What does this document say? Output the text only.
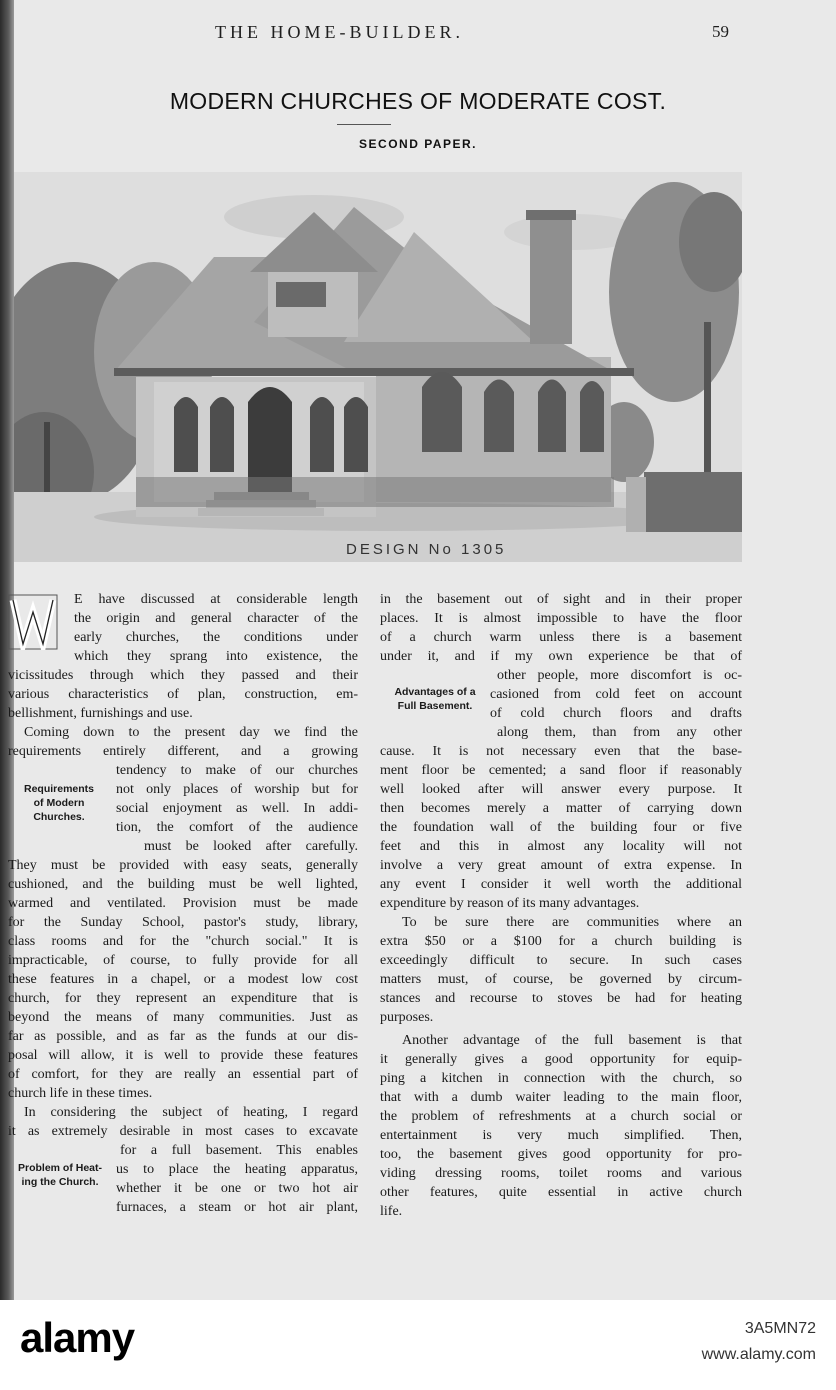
THE HOME-BUILDER.	59
MODERN CHURCHES OF MODERATE COST.
SECOND PAPER.
DESIGN No 1305
E have discussed at considerable length
the origin and general character of the
early churches, the conditions under
which they sprang into existence, the
vicissitudes through which they passed and their
various characteristics of plan, construction, em-
bellishment, furnishings and use.
Coming down to the present day we find the
requirements entirely different, and a growing
tendency to make of our churches
not only places of worship but for
social enjoyment as well. In addi-
tion, the comfort of the audience
must be looked after carefully.
They must be provided with easy seats, generally
cushioned, and the building must be well lighted,
warmed and ventilated. Provision must be made
for the Sunday School, pastor's study, library,
class rooms and for the "church social." It is
impracticable, of course, to fully provide for all
these features in a chapel, or a modest low cost
church, for they represent an expenditure that is
beyond the means of many communities. Just as
far as possible, and as far as the funds at our dis-
posal will allow, it is well to provide these features
of comfort, for they are really an essential part of
church life in these times.
In considering the subject of heating, I regard
it as extremely desirable in most cases to excavate
for a full basement. This enables
us to place the heating apparatus,
whether it be one or two hot air
furnaces, a steam or hot air plant,
Requirements
of Modern
Churches.
Problem of Heat-
ing the Church.
in the basement out of sight and in their proper
places. It is almost impossible to have the floor
of a church warm unless there is a basement
under it, and if my own experience be that of
other people, more discomfort is oc-
casioned from cold feet on account
of cold church floors and drafts
along them, than from any other
cause. It is not necessary even that the base-
ment floor be cemented; a sand floor if reasonably
well looked after will answer every purpose. It
then becomes merely a matter of carrying down
the foundation wall of the building four or five
feet and this in almost any locality will not
involve a very great amount of extra expense. In
any event I consider it well worth the additional
expenditure by reason of its many advantages.
To be sure there are communities where an
extra $50 or a $100 for a church building is
exceedingly difficult to secure. In such cases
matters must, of course, be governed by circum-
stances and recourse to stoves be had for heating
purposes.
Another advantage of the full basement is that
it generally gives a good opportunity for equip-
ping a kitchen in connection with the church, so
that with a dumb waiter leading to the main floor,
the problem of refreshments at a church social or
entertainment is very much simplified. Then,
too, the basement gives good opportunity for pro-
viding dressing rooms, toilet rooms and various
other features, quite essential in active church
life.
Advantages of a
Full Basement.
alamy	3A5MN72
www.alamy.com
